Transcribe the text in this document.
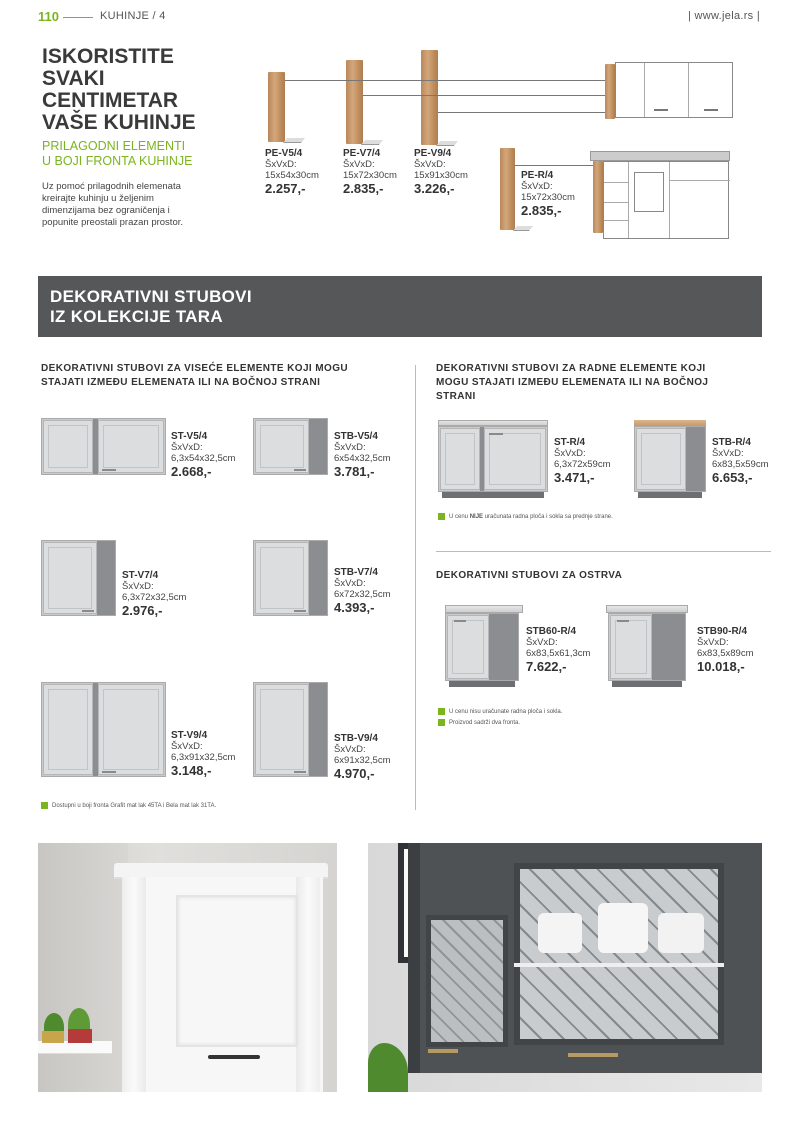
110	KUHINJE / 4	| www.jela.rs |
ISKORISTITE
SVAKI
CENTIMETAR
VAŠE KUHINJE
PRILAGODNI ELEMENTI
U BOJI FRONTA KUHINJE
Uz pomoć prilagodnih elemenata
kreirajte kuhinju u željenim
dimenzijama bez ograničenja i
popunite preostali prazan prostor.
PE-V5/4
ŠxVxD:
15x54x30cm
2.257,-
PE-V7/4
ŠxVxD:
15x72x30cm
2.835,-
PE-V9/4
ŠxVxD:
15x91x30cm
3.226,-
PE-R/4
ŠxVxD:
15x72x30cm
2.835,-
DEKORATIVNI STUBOVI
IZ KOLEKCIJE TARA
DEKORATIVNI STUBOVI ZA VISEĆE ELEMENTE KOJI MOGU
STAJATI IZMEĐU ELEMENATA ILI NA BOČNOJ STRANI
ST-V5/4
ŠxVxD:
6,3x54x32,5cm
2.668,-
STB-V5/4
ŠxVxD:
6x54x32,5cm
3.781,-
ST-V7/4
ŠxVxD:
6,3x72x32,5cm
2.976,-
STB-V7/4
ŠxVxD:
6x72x32,5cm
4.393,-
ST-V9/4
ŠxVxD:
6,3x91x32,5cm
3.148,-
STB-V9/4
ŠxVxD:
6x91x32,5cm
4.970,-
Dostupni u boji fronta Grafit mat lak 45TA i Bela mat lak 31TA.
DEKORATIVNI STUBOVI ZA RADNE ELEMENTE KOJI
MOGU STAJATI IZMEĐU ELEMENATA ILI NA BOČNOJ
STRANI
ST-R/4
ŠxVxD:
6,3x72x59cm
3.471,-
STB-R/4
ŠxVxD:
6x83,5x59cm
6.653,-
U cenu NIJE uračunata radna ploča i sokla sa prednje strane.
DEKORATIVNI STUBOVI ZA OSTRVA
STB60-R/4
ŠxVxD:
6x83,5x61,3cm
7.622,-
STB90-R/4
ŠxVxD:
6x83,5x89cm
10.018,-
U cenu nisu uračunate radna ploča i sokla.
Proizvod sadrži dva fronta.
